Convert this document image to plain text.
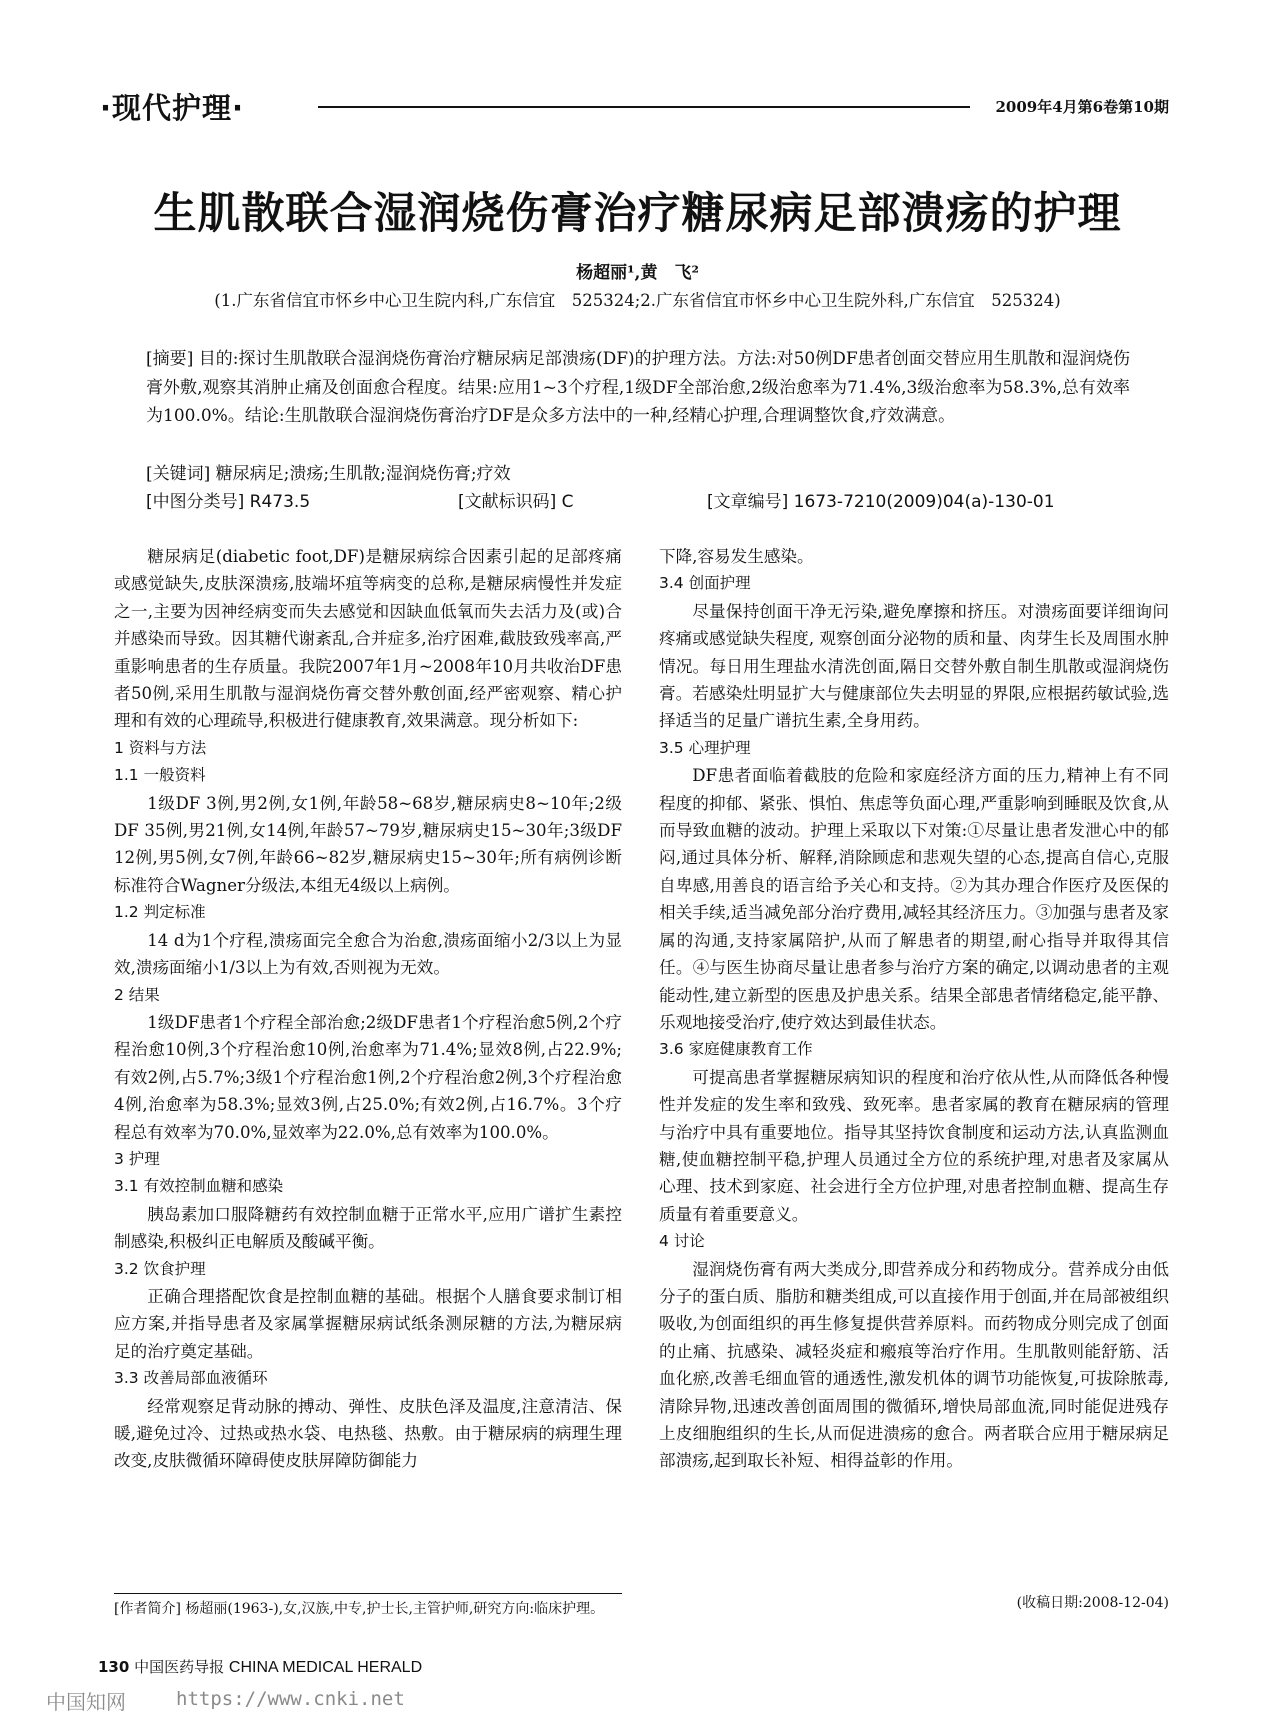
·现代护理·	2009年4月第6卷第10期
生肌散联合湿润烧伤膏治疗糖尿病足部溃疡的护理
杨超丽¹,黄　飞²
(1.广东省信宜市怀乡中心卫生院内科,广东信宜　525324;2.广东省信宜市怀乡中心卫生院外科,广东信宜　525324)
[摘要] 目的:探讨生肌散联合湿润烧伤膏治疗糖尿病足部溃疡(DF)的护理方法。方法:对50例DF患者创面交替应用生肌散和湿润烧伤膏外敷,观察其消肿止痛及创面愈合程度。结果:应用1~3个疗程,1级DF全部治愈,2级治愈率为71.4%,3级治愈率为58.3%,总有效率为100.0%。结论:生肌散联合湿润烧伤膏治疗DF是众多方法中的一种,经精心护理,合理调整饮食,疗效满意。
[关键词] 糖尿病足;溃疡;生肌散;湿润烧伤膏;疗效
[中图分类号] R473.5	[文献标识码] C	[文章编号] 1673-7210(2009)04(a)-130-01

糖尿病足(diabetic foot,DF)是糖尿病综合因素引起的足部疼痛或感觉缺失,皮肤深溃疡,肢端坏疽等病变的总称,是糖尿病慢性并发症之一,主要为因神经病变而失去感觉和因缺血低氧而失去活力及(或)合并感染而导致。因其糖代谢紊乱,合并症多,治疗困难,截肢致残率高,严重影响患者的生存质量。我院2007年1月~2008年10月共收治DF患者50例,采用生肌散与湿润烧伤膏交替外敷创面,经严密观察、精心护理和有效的心理疏导,积极进行健康教育,效果满意。现分析如下:

1 资料与方法

1.1 一般资料

1级DF 3例,男2例,女1例,年龄58~68岁,糖尿病史8~10年;2级DF 35例,男21例,女14例,年龄57~79岁,糖尿病史15~30年;3级DF 12例,男5例,女7例,年龄66~82岁,糖尿病史15~30年;所有病例诊断标准符合Wagner分级法,本组无4级以上病例。

1.2 判定标准

14 d为1个疗程,溃疡面完全愈合为治愈,溃疡面缩小2/3以上为显效,溃疡面缩小1/3以上为有效,否则视为无效。

2 结果

1级DF患者1个疗程全部治愈;2级DF患者1个疗程治愈5例,2个疗程治愈10例,3个疗程治愈10例,治愈率为71.4%;显效8例,占22.9%;有效2例,占5.7%;3级1个疗程治愈1例,2个疗程治愈2例,3个疗程治愈4例,治愈率为58.3%;显效3例,占25.0%;有效2例,占16.7%。3个疗程总有效率为70.0%,显效率为22.0%,总有效率为100.0%。

3 护理

3.1 有效控制血糖和感染

胰岛素加口服降糖药有效控制血糖于正常水平,应用广谱扩生素控制感染,积极纠正电解质及酸碱平衡。

3.2 饮食护理

正确合理搭配饮食是控制血糖的基础。根据个人膳食要求制订相应方案,并指导患者及家属掌握糖尿病试纸条测尿糖的方法,为糖尿病足的治疗奠定基础。

3.3 改善局部血液循环

经常观察足背动脉的搏动、弹性、皮肤色泽及温度,注意清洁、保暖,避免过冷、过热或热水袋、电热毯、热敷。由于糖尿病的病理生理改变,皮肤微循环障碍使皮肤屏障防御能力

下降,容易发生感染。

3.4 创面护理

尽量保持创面干净无污染,避免摩擦和挤压。对溃疡面要详细询问疼痛或感觉缺失程度, 观察创面分泌物的质和量、肉芽生长及周围水肿情况。每日用生理盐水清洗创面,隔日交替外敷自制生肌散或湿润烧伤膏。若感染灶明显扩大与健康部位失去明显的界限,应根据药敏试验,选择适当的足量广谱抗生素,全身用药。

3.5 心理护理

DF患者面临着截肢的危险和家庭经济方面的压力,精神上有不同程度的抑郁、紧张、惧怕、焦虑等负面心理,严重影响到睡眠及饮食,从而导致血糖的波动。护理上采取以下对策:①尽量让患者发泄心中的郁闷,通过具体分析、解释,消除顾虑和悲观失望的心态,提高自信心,克服自卑感,用善良的语言给予关心和支持。②为其办理合作医疗及医保的相关手续,适当减免部分治疗费用,减轻其经济压力。③加强与患者及家属的沟通,支持家属陪护,从而了解患者的期望,耐心指导并取得其信任。④与医生协商尽量让患者参与治疗方案的确定,以调动患者的主观能动性,建立新型的医患及护患关系。结果全部患者情绪稳定,能平静、乐观地接受治疗,使疗效达到最佳状态。

3.6 家庭健康教育工作

可提高患者掌握糖尿病知识的程度和治疗依从性,从而降低各种慢性并发症的发生率和致残、致死率。患者家属的教育在糖尿病的管理与治疗中具有重要地位。指导其坚持饮食制度和运动方法,认真监测血糖,使血糖控制平稳,护理人员通过全方位的系统护理,对患者及家属从心理、技术到家庭、社会进行全方位护理,对患者控制血糖、提高生存质量有着重要意义。

4 讨论

湿润烧伤膏有两大类成分,即营养成分和药物成分。营养成分由低分子的蛋白质、脂肪和糖类组成,可以直接作用于创面,并在局部被组织吸收,为创面组织的再生修复提供营养原料。而药物成分则完成了创面的止痛、抗感染、减轻炎症和瘢痕等治疗作用。生肌散则能舒筋、活血化瘀,改善毛细血管的通透性,激发机体的调节功能恢复,可拔除脓毒,清除异物,迅速改善创面周围的微循环,增快局部血流,同时能促进残存上皮细胞组织的生长,从而促进溃疡的愈合。两者联合应用于糖尿病足部溃疡,起到取长补短、相得益彰的作用。

[作者简介] 杨超丽(1963-),女,汉族,中专,护士长,主管护师,研究方向:临床护理。	(收稿日期:2008-12-04)
130 中国医药导报 CHINA MEDICAL HERALD
中国知网	https://www.cnki.net
